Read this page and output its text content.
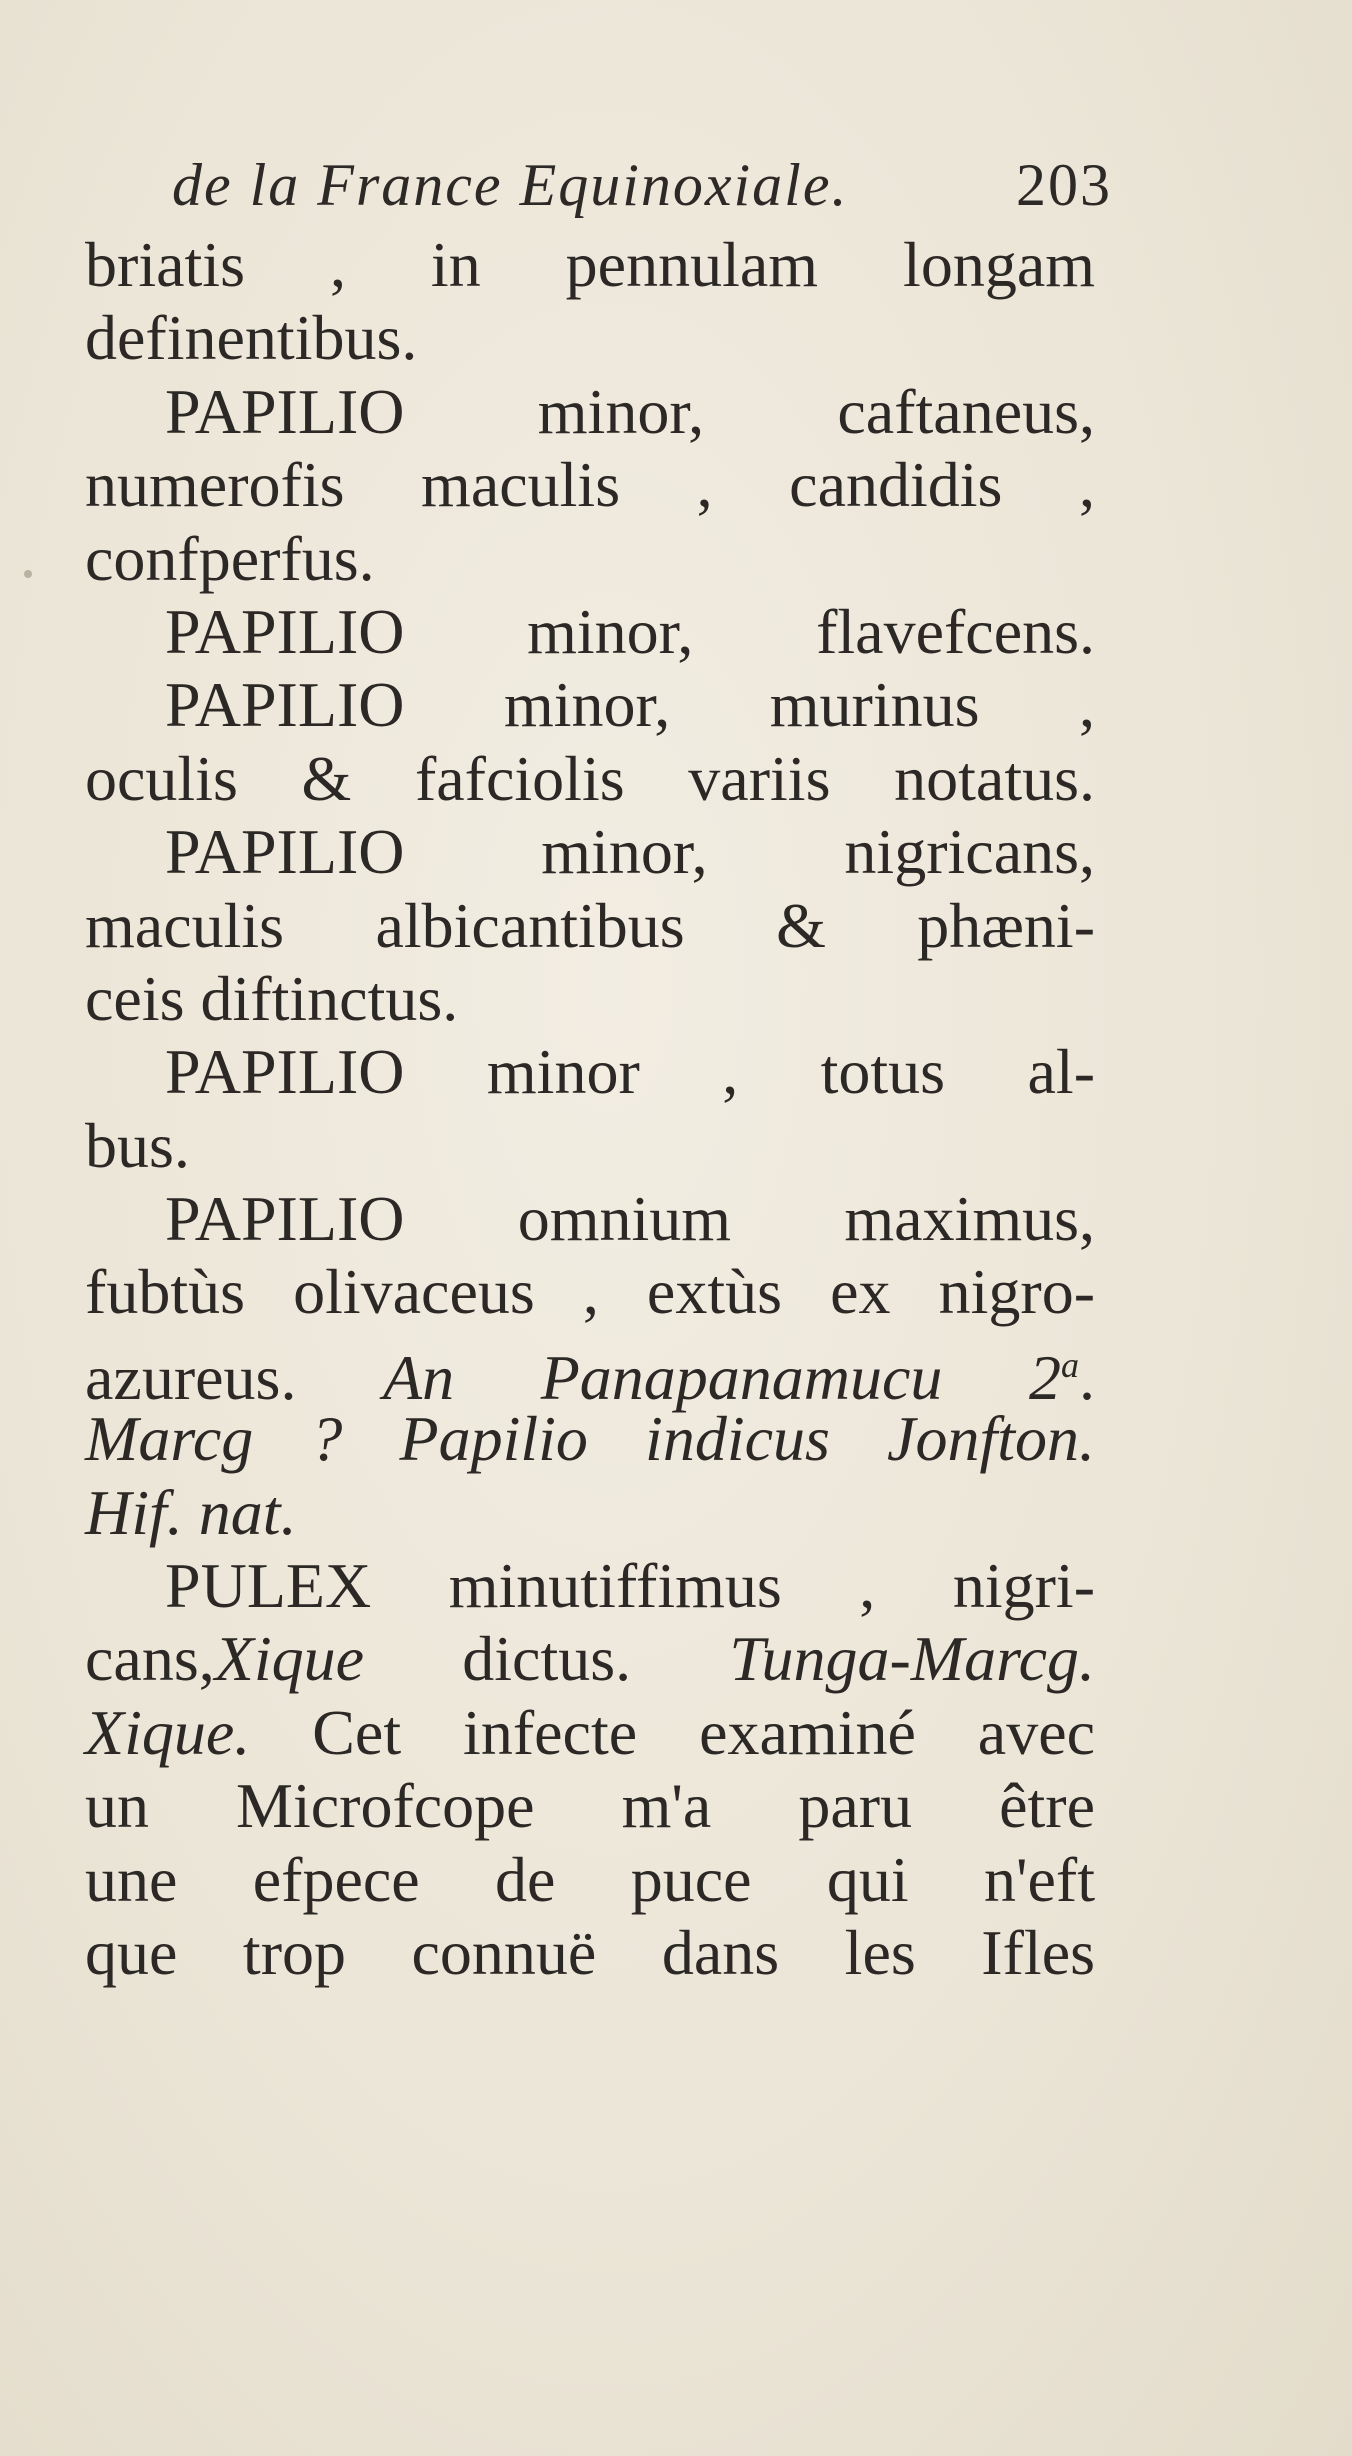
de la France Equinoxiale.	203
briatis , in pennulam longam
definentibus.
PAPILIO minor, caftaneus,
numerofis maculis , candidis ,
confperfus.
PAPILIO minor, flavefcens.
PAPILIO minor, murinus ,
oculis & fafciolis variis notatus.
PAPILIO minor, nigricans,
maculis albicantibus & phæni-
ceis diftinctus.
PAPILIO minor , totus al-
bus.
PAPILIO omnium maximus,
fubtùs olivaceus , extùs ex nigro-
azureus. An Panapanamucu 2$^a$.
Marcg ? Papilio indicus Jonfton.
Hif. nat.
PULEX minutiffimus , nigri-
cans,Xique dictus. Tunga-Marcg.
Xique. Cet infecte examiné avec
un Microfcope m'a paru être
une efpece de puce qui n'eft
que trop connuë dans les Ifles
